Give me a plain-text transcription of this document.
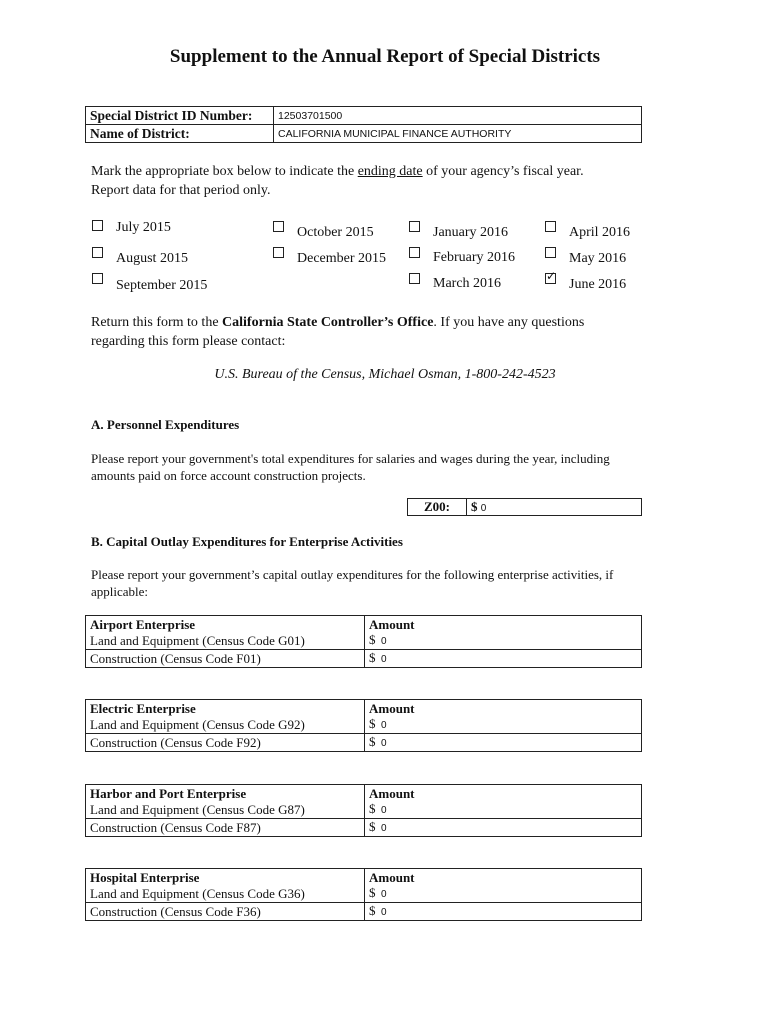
Supplement to the Annual Report of Special Districts
Special District ID Number:	12503701500
Name of District:	CALIFORNIA MUNICIPAL FINANCE AUTHORITY
Mark the appropriate box below to indicate the ending date of your agency’s fiscal year.
Report data for that period only.
July 2015
August 2015
September 2015
October 2015
December 2015
January 2016
February 2016
March 2016
April 2016
May 2016
✓
June 2016
Return this form to the California State Controller’s Office. If you have any questions
regarding this form please contact:
U.S. Bureau of the Census, Michael Osman, 1-800-242-4523
A. Personnel Expenditures
Please report your government's total expenditures for salaries and wages during the year, including
amounts paid on force account construction projects.
Z00:	$ 0
B. Capital Outlay Expenditures for Enterprise Activities
Please report your government’s capital outlay expenditures for the following enterprise activities, if
applicable:
Airport Enterprise	Amount
Land and Equipment (Census Code G01)	$ 0
Construction (Census Code F01)	$ 0
Electric Enterprise	Amount
Land and Equipment (Census Code G92)	$ 0
Construction (Census Code F92)	$ 0
Harbor and Port Enterprise	Amount
Land and Equipment (Census Code G87)	$ 0
Construction (Census Code F87)	$ 0
Hospital Enterprise	Amount
Land and Equipment (Census Code G36)	$ 0
Construction (Census Code F36)	$ 0
